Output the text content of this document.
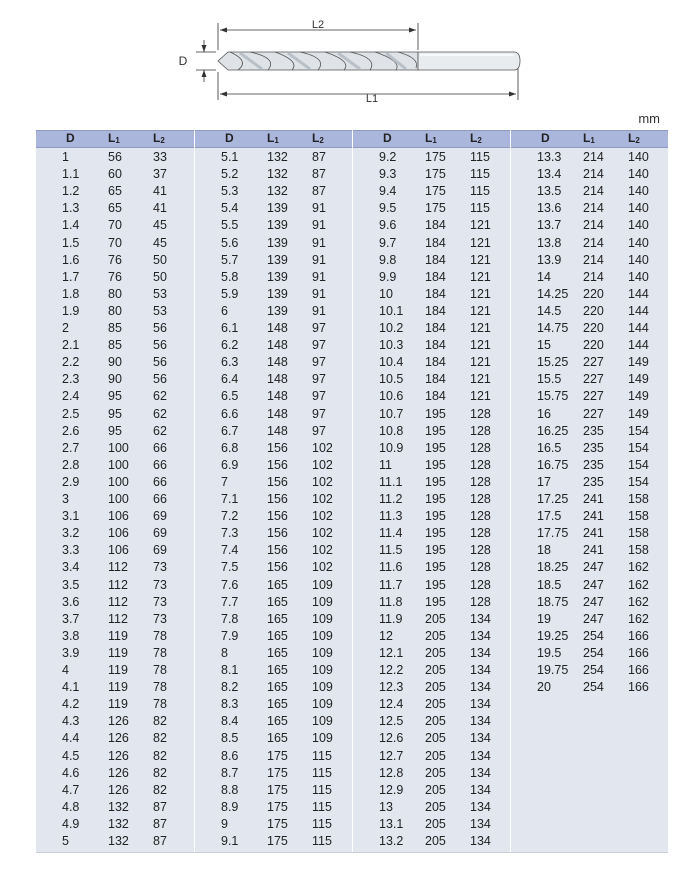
L2
L1
D
mm
D	$L_1$	$L_2$
1	56 33
1.1 60 37
1.2 65 41
1.3 65 41
1.4 70 45
1.5 70 45
1.6 76 50
1.7 76 50
1.8 80 53
1.9 80 53
2	85 56
2.1 85 56
2.2 90 56
2.3 90 56
2.4 95 62
2.5 95 62
2.6 95 62
2.7 100 66
2.8 100 66
2.9 100 66
3	100 66
3.1 106 69
3.2 106 69
3.3 106 69
3.4 112 73
3.5 112 73
3.6 112 73
3.7 112 73
3.8 119 78
3.9 119 78
4	119 78
4.1 119 78
4.2 119 78
4.3 126 82
4.4 126 82
4.5 126 82
4.6 126 82
4.7 126 82
4.8 132 87
4.9 132 87
5	132 87
D	$L_1$	$L_2$
5.1 132 87
5.2 132 87
5.3 132 87
5.4 139 91
5.5 139 91
5.6 139 91
5.7 139 91
5.8 139 91
5.9 139 91
6	139 91
6.1 148 97
6.2 148 97
6.3 148 97
6.4 148 97
6.5 148 97
6.6 148 97
6.7 148 97
6.8 156 102
6.9 156 102
7	156 102
7.1 156 102
7.2 156 102
7.3 156 102
7.4 156 102
7.5 156 102
7.6 165 109
7.7 165 109
7.8 165 109
7.9 165 109
8	165 109
8.1 165 109
8.2 165 109
8.3 165 109
8.4 165 109
8.5 165 109
8.6 175 115
8.7 175 115
8.8 175 115
8.9 175 115
9	175 115
9.1 175 115
D	$L_1$	$L_2$
9.2 175 115
9.3 175 115
9.4 175 115
9.5 175 115
9.6 184 121
9.7 184 121
9.8 184 121
9.9 184 121
10	184 121
10.1 184 121
10.2 184 121
10.3 184 121
10.4 184 121
10.5 184 121
10.6 184 121
10.7 195 128
10.8 195 128
10.9 195 128
11	195 128
11.1 195 128
11.2 195 128
11.3 195 128
11.4 195 128
11.5 195 128
11.6 195 128
11.7 195 128
11.8 195 128
11.9 205 134
12	205 134
12.1 205 134
12.2 205 134
12.3 205 134
12.4 205 134
12.5 205 134
12.6 205 134
12.7 205 134
12.8 205 134
12.9 205 134
13	205 134
13.1 205 134
13.2 205 134
D	$L_1$	$L_2$
13.3 214 140
13.4 214 140
13.5 214 140
13.6 214 140
13.7 214 140
13.8 214 140
13.9 214 140
14	214 140
14.25 220 144
14.5 220 144
14.75 220 144
15	220 144
15.25 227 149
15.5 227 149
15.75 227 149
16	227 149
16.25 235 154
16.5 235 154
16.75 235 154
17	235 154
17.25 241 158
17.5 241 158
17.75 241 158
18	241 158
18.25 247 162
18.5 247 162
18.75 247 162
19	247 162
19.25 254 166
19.5 254 166
19.75 254 166
20	254 166
